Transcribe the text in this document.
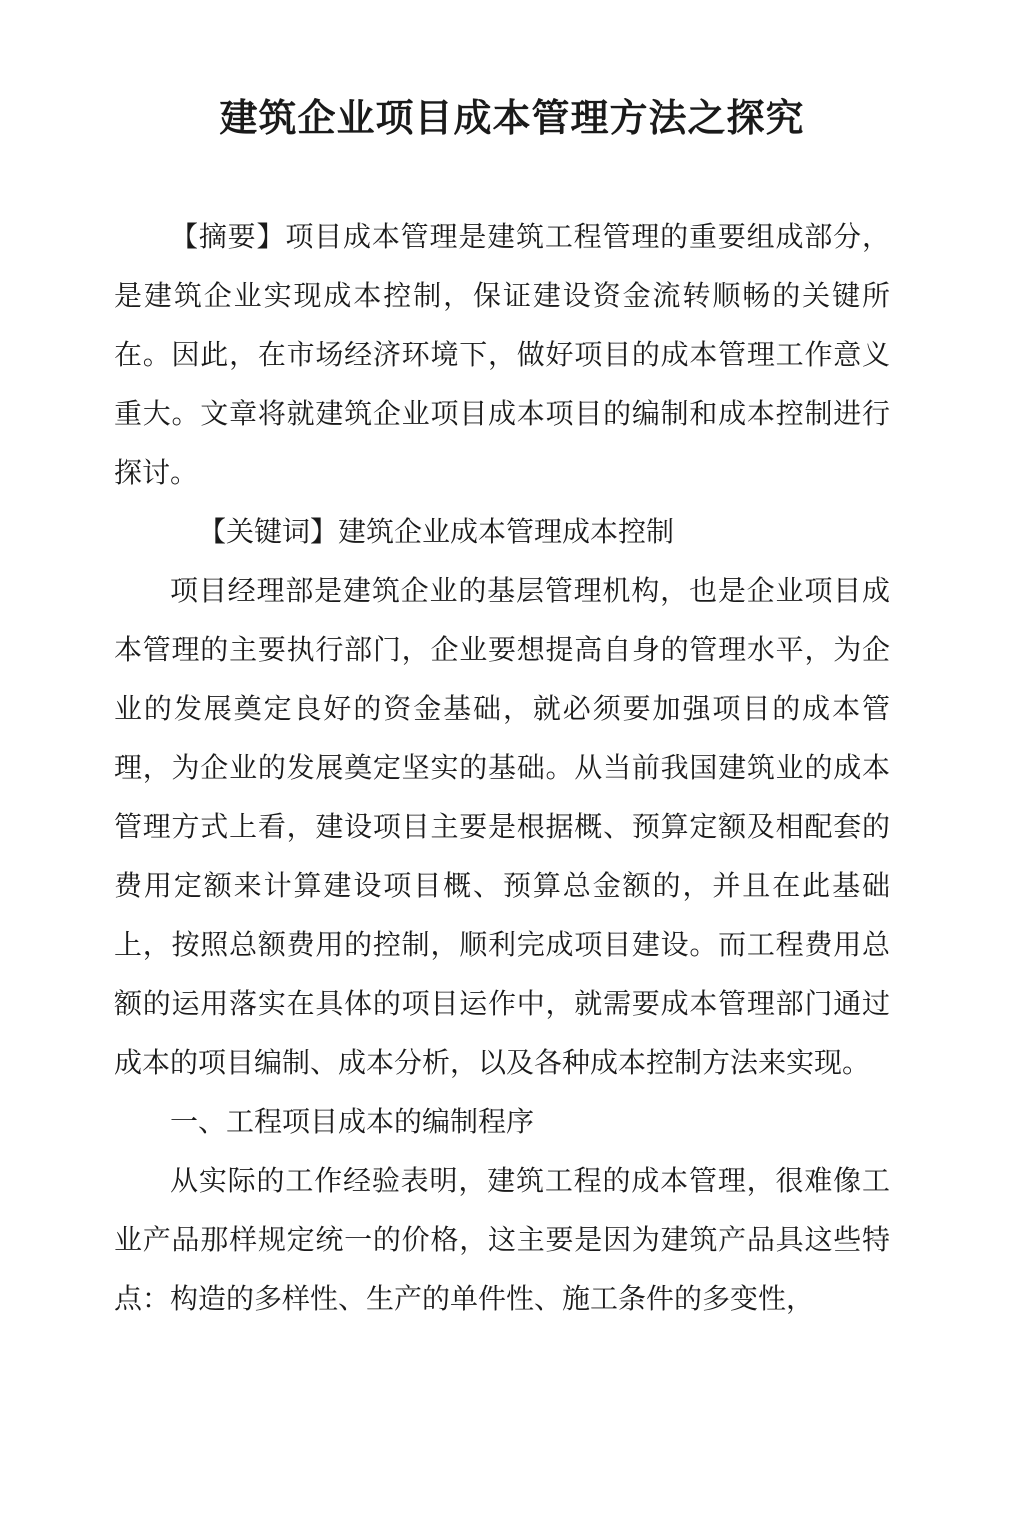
建筑企业项目成本管理方法之探究

【摘要】项目成本管理是建筑工程管理的重要组成部分，是建筑企业实现成本控制，保证建设资金流转顺畅的关键所在。因此，在市场经济环境下，做好项目的成本管理工作意义重大。文章将就建筑企业项目成本项目的编制和成本控制进行探讨。

【关键词】建筑企业成本管理成本控制

项目经理部是建筑企业的基层管理机构，也是企业项目成本管理的主要执行部门，企业要想提高自身的管理水平，为企业的发展奠定良好的资金基础，就必须要加强项目的成本管理，为企业的发展奠定坚实的基础。从当前我国建筑业的成本管理方式上看，建设项目主要是根据概、预算定额及相配套的费用定额来计算建设项目概、预算总金额的，并且在此基础上，按照总额费用的控制，顺利完成项目建设。而工程费用总额的运用落实在具体的项目运作中，就需要成本管理部门通过成本的项目编制、成本分析，以及各种成本控制方法来实现。

一、工程项目成本的编制程序

从实际的工作经验表明，建筑工程的成本管理，很难像工业产品那样规定统一的价格，这主要是因为建筑产品具这些特点：构造的多样性、生产的单件性、施工条件的多变性，
